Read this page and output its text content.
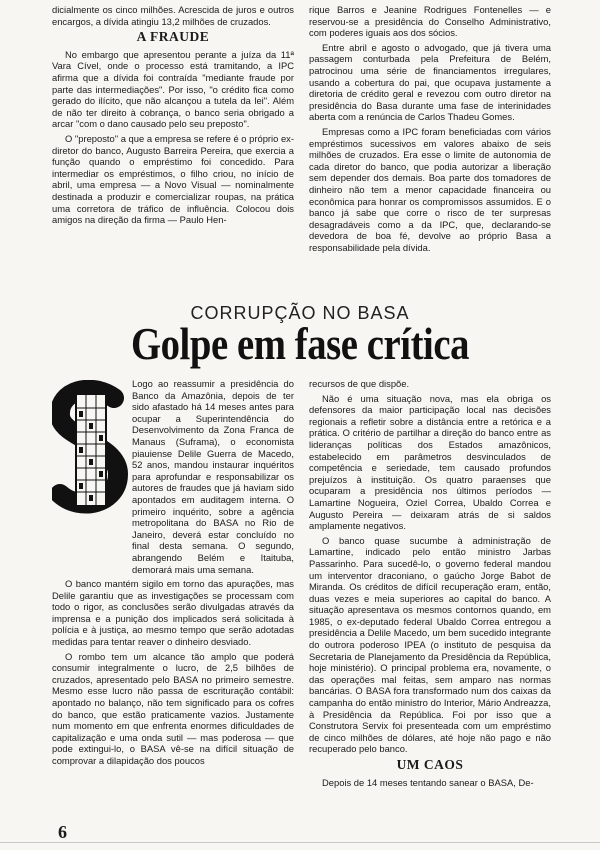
dicialmente os cinco milhões. Acrescida de juros e outros encargos, a dívida atingiu 13,2 milhões de cruzados.

A FRAUDE

No embargo que apresentou perante a juíza da 11ª Vara Cível, onde o processo está tramitando, a IPC afirma que a dívida foi contraída "mediante fraude por parte das intermediações". Por isso, "o crédito fica como gerado do ilícito, que não alcançou a tutela da lei". Além de não ter direito à cobrança, o banco seria obrigado a arcar "com o dano causado pelo seu preposto".

O "preposto" a que a empresa se refere é o próprio ex-diretor do banco, Augusto Barreira Pereira, que exercia a função quando o empréstimo foi concedido. Para intermediar os empréstimos, o filho criou, no início de abril, uma empresa — a Novo Visual — nominalmente destinada a produzir e comercializar roupas, na prática uma corretora de tráfico de influência. Colocou dois amigos na direção da firma — Paulo Hen-

rique Barros e Jeanine Rodrigues Fontenelles — e reservou-se a presidência do Conselho Administrativo, com poderes iguais aos dos sócios.

Entre abril e agosto o advogado, que já tivera uma passagem conturbada pela Prefeitura de Belém, patrocinou uma série de financiamentos irregulares, usando a cobertura do pai, que ocupava justamente a diretoria de crédito geral e revezou com outro diretor na presidência do Basa durante uma fase de interinidades aberta com a renúncia de Carlos Thadeu Gomes.

Empresas como a IPC foram beneficiadas com vários empréstimos sucessivos em valores abaixo de seis milhões de cruzados. Era esse o limite de autonomia de cada diretor do banco, que podia autorizar a liberação sem depender dos demais. Boa parte dos tomadores de dinheiro não tem a menor capacidade financeira ou econômica para honrar os compromissos assumidos. E o banco já sabe que corre o risco de ter surpresas desagradáveis como a da IPC, que, declarando-se devedora de boa fé, devolve ao próprio Basa a responsabilidade pela dívida.

CORRUPÇÃO NO BASA
Golpe em fase crítica

Logo ao reassumir a presidência do Banco da Amazônia, depois de ter sido afastado há 14 meses antes para ocupar a Superintendência do Desenvolvimento da Zona Franca de Manaus (Suframa), o economista piauiense Delile Guerra de Macedo, 52 anos, mandou instaurar inquéritos para aprofundar e responsabilizar os autores de fraudes que já haviam sido apontados em auditagem interna. O primeiro inquérito, sobre a agência metropolitana do BASA no Rio de Janeiro, deverá estar concluído no final desta semana. O segundo, abrangendo Belém e Itaituba, demorará mais uma semana.

O banco mantém sigilo em torno das apurações, mas Delile garantiu que as investigações se processam com todo o rigor, as conclusões serão divulgadas através da imprensa e a punição dos implicados será solicitada à polícia e à justiça, ao mesmo tempo que serão adotadas medidas para tentar reaver o dinheiro desviado.

O rombo tem um alcance tão amplo que poderá consumir integralmente o lucro, de 2,5 bilhões de cruzados, apresentado pelo BASA no primeiro semestre. Mesmo esse lucro não passa de escrituração contábil: apontado no balanço, não tem significado para os cofres do banco, que estão praticamente vazios. Justamente num momento em que enfrenta enormes dificuldades de capitalização e uma onda sutil — mas poderosa — que pode extingui-lo, o BASA vê-se na difícil situação de comprovar a dilapidação dos poucos

recursos de que dispõe.

Não é uma situação nova, mas ela obriga os defensores da maior participação local nas decisões regionais a refletir sobre a distância entre a retórica e a prática. O critério de partilhar a direção do banco entre as lideranças políticas dos Estados amazônicos, estabelecido em parâmetros desvinculados de competência e seriedade, tem causado profundos prejuízos à instituição. Os quatro paraenses que ocuparam a presidência nos últimos períodos — Lamartine Nogueira, Oziel Correa, Ubaldo Correa e Augusto Pereira — deixaram atrás de si saldos amplamente negativos.

O banco quase sucumbe à administração de Lamartine, indicado pelo então ministro Jarbas Passarinho. Para sucedê-lo, o governo federal mandou um interventor draconiano, o gaúcho Jorge Babot de Miranda. Os créditos de difícil recuperação eram, então, duas vezes e meia superiores ao capital do banco. A situação apresentava os mesmos contornos quando, em 1985, o ex-deputado federal Ubaldo Correa entregou a presidência a Delile Macedo, um bem sucedido integrante do outrora poderoso IPEA (o instituto de pesquisa da Secretaria de Planejamento da Presidência da República, hoje ministério). O principal problema era, novamente, o das operações mal feitas, sem amparo nas normas bancárias. O BASA fora transformado num dos caixas da campanha do então ministro do Interior, Mário Andreazza, à Presidência da República. Foi por isso que a Construtora Servix foi presenteada com um empréstimo de cinco milhões de dólares, até hoje não pago e não recuperado pelo banco.

UM CAOS

Depois de 14 meses tentando sanear o BASA, De-

6
